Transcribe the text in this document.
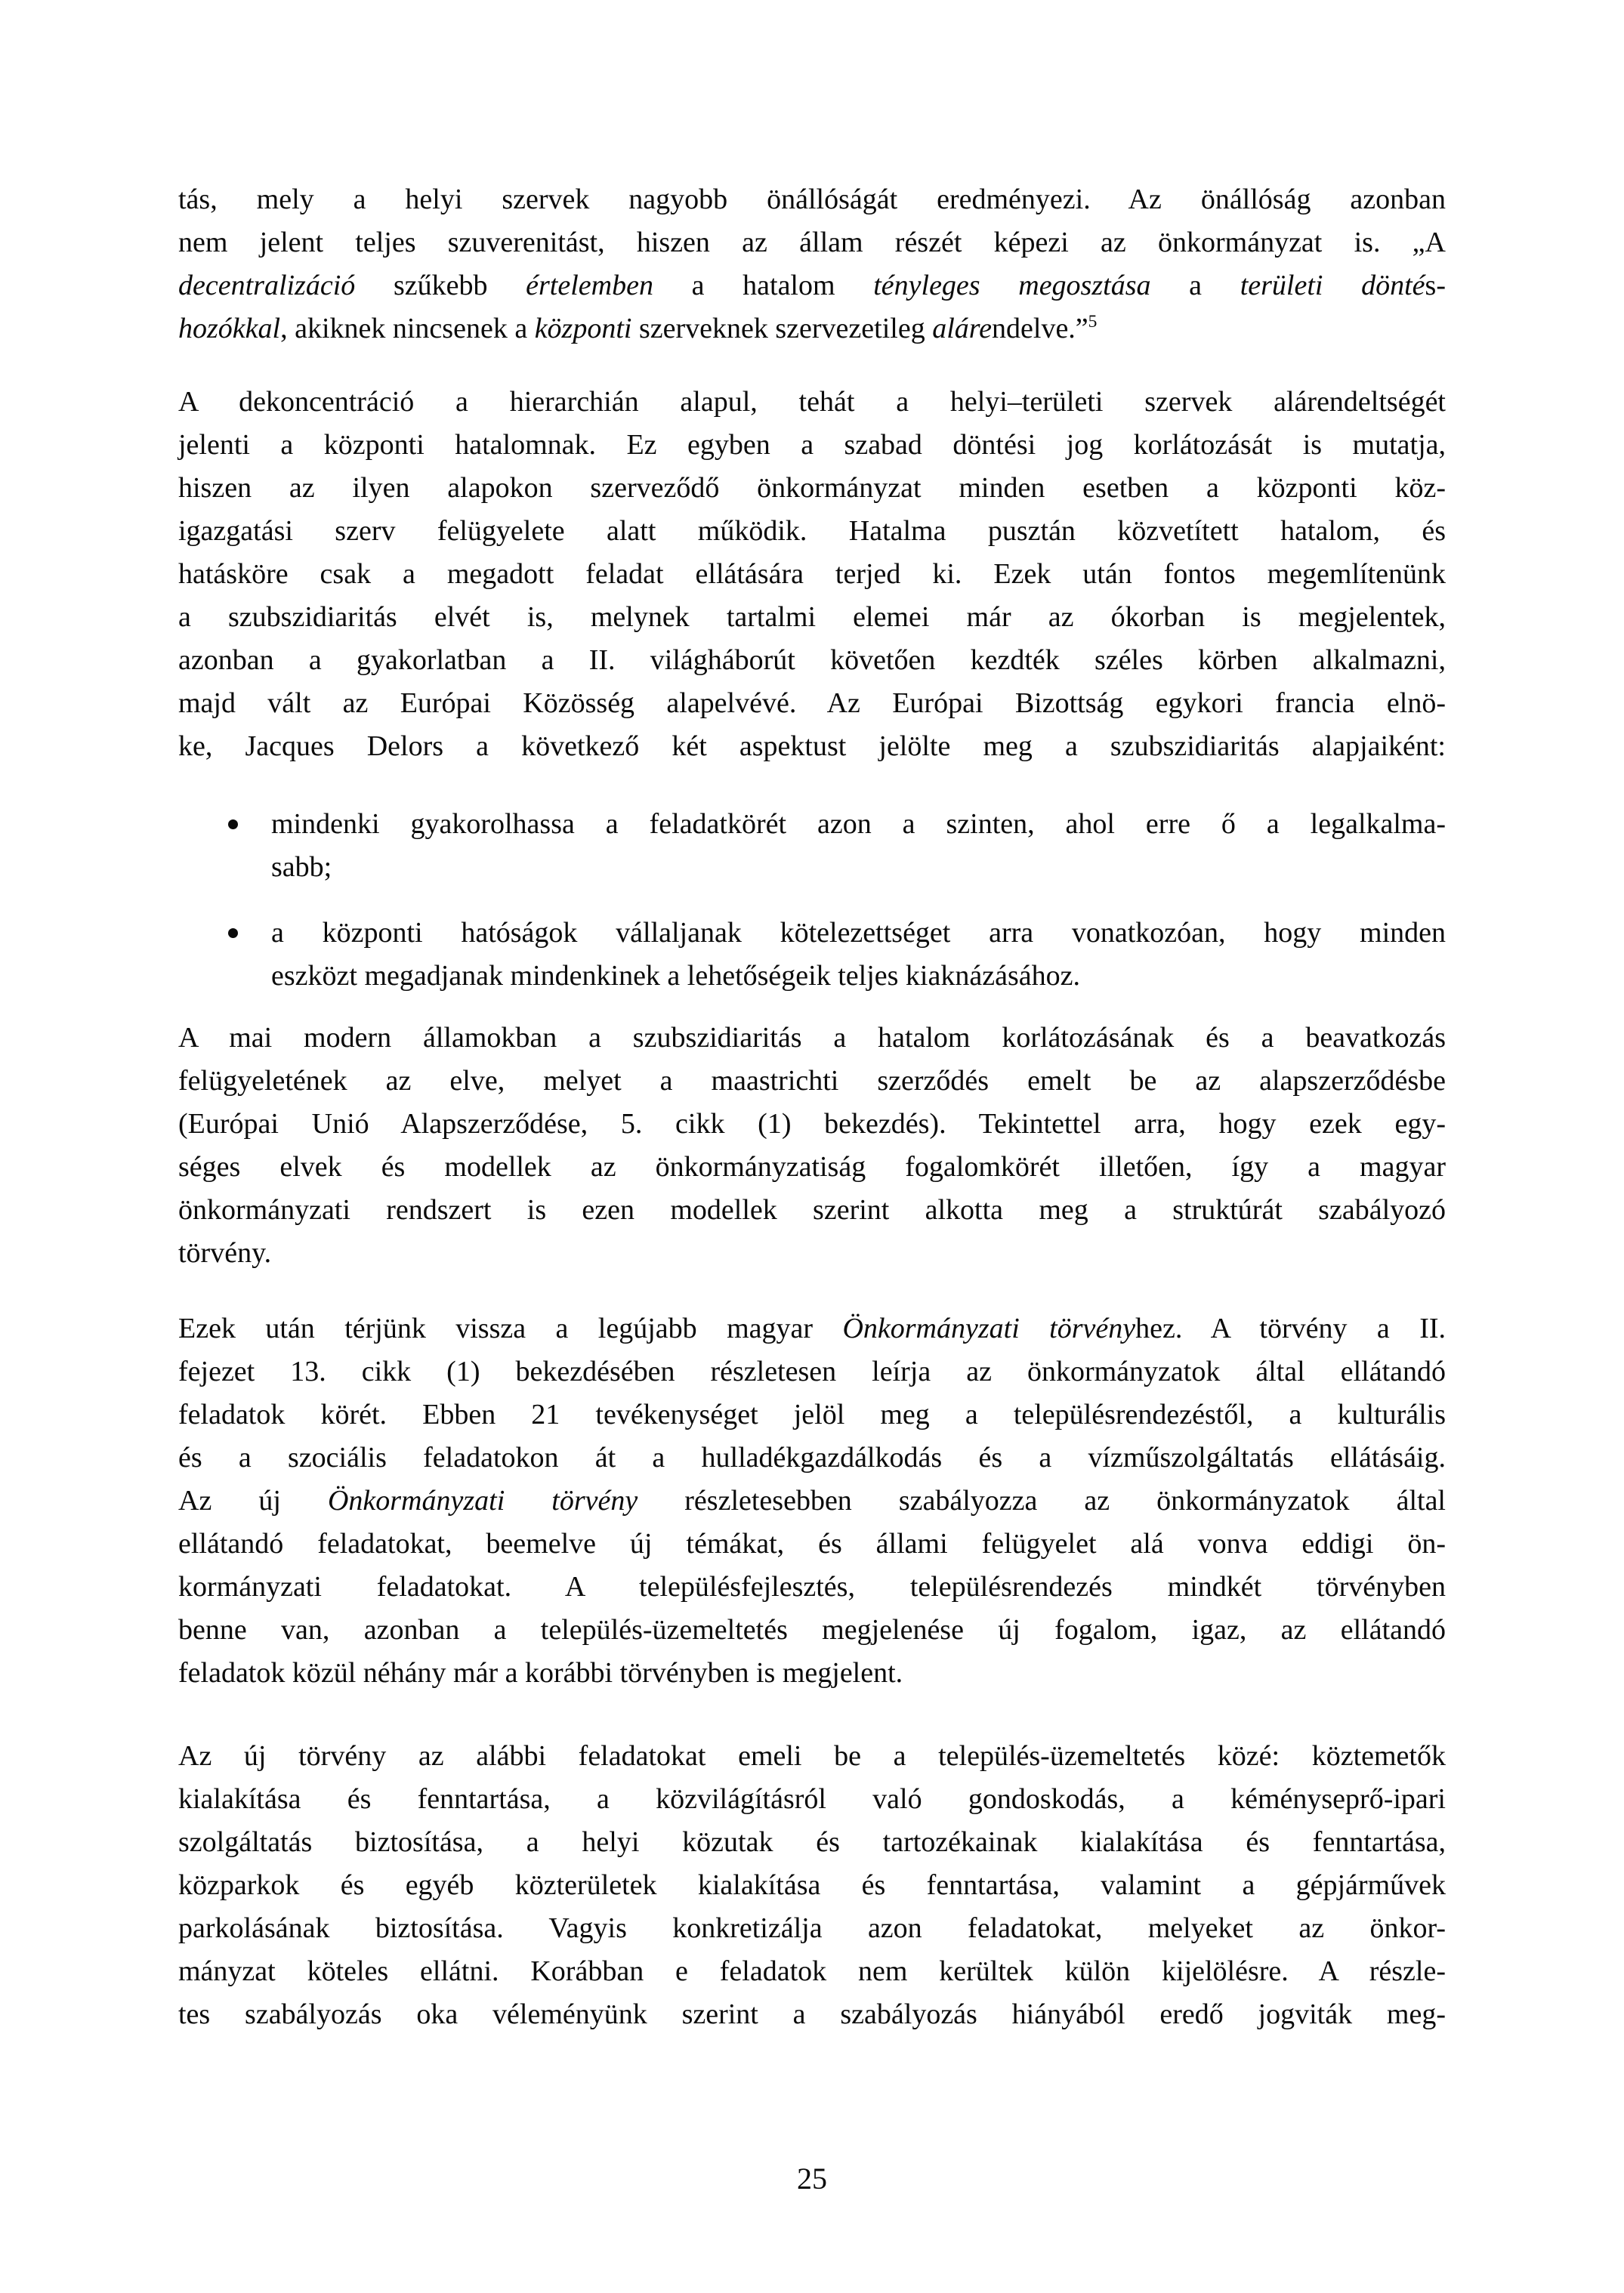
tás, mely a helyi szervek nagyobb önállóságát eredményezi. Az önállóság azonban
nem jelent teljes szuverenitást, hiszen az állam részét képezi az önkormányzat is. „A
decentralizáció szűkebb értelemben a hatalom tényleges megosztása a területi döntés-
hozókkal, akiknek nincsenek a központi szerveknek szervezetileg alárendelve.”$^5$
A dekoncentráció a hierarchián alapul, tehát a helyi–területi szervek alárendeltségét
jelenti a központi hatalomnak. Ez egyben a szabad döntési jog korlátozását is mutatja,
hiszen az ilyen alapokon szerveződő önkormányzat minden esetben a központi köz-
igazgatási szerv felügyelete alatt működik. Hatalma pusztán közvetített hatalom, és
hatásköre csak a megadott feladat ellátására terjed ki. Ezek után fontos megemlítenünk
a szubszidiaritás elvét is, melynek tartalmi elemei már az ókorban is megjelentek,
azonban a gyakorlatban a II. világháborút követően kezdték széles körben alkalmazni,
majd vált az Európai Közösség alapelvévé. Az Európai Bizottság egykori francia elnö-
ke, Jacques Delors a következő két aspektust jelölte meg a szubszidiaritás alapjaiként:
mindenki gyakorolhassa a feladatkörét azon a szinten, ahol erre ő a legalkalma-
sabb;
a központi hatóságok vállaljanak kötelezettséget arra vonatkozóan, hogy minden
eszközt megadjanak mindenkinek a lehetőségeik teljes kiaknázásához.
A mai modern államokban a szubszidiaritás a hatalom korlátozásának és a beavatkozás
felügyeletének az elve, melyet a maastrichti szerződés emelt be az alapszerződésbe
(Európai Unió Alapszerződése, 5. cikk (1) bekezdés). Tekintettel arra, hogy ezek egy-
séges elvek és modellek az önkormányzatiság fogalomkörét illetően, így a magyar
önkormányzati rendszert is ezen modellek szerint alkotta meg a struktúrát szabályozó
törvény.
Ezek után térjünk vissza a legújabb magyar Önkormányzati törvényhez. A törvény a II.
fejezet 13. cikk (1) bekezdésében részletesen leírja az önkormányzatok által ellátandó
feladatok körét. Ebben 21 tevékenységet jelöl meg a településrendezéstől, a kulturális
és a szociális feladatokon át a hulladékgazdálkodás és a vízműszolgáltatás ellátásáig.
Az új Önkormányzati törvény részletesebben szabályozza az önkormányzatok által
ellátandó feladatokat, beemelve új témákat, és állami felügyelet alá vonva eddigi ön-
kormányzati feladatokat. A településfejlesztés, településrendezés mindkét törvényben
benne van, azonban a település-üzemeltetés megjelenése új fogalom, igaz, az ellátandó
feladatok közül néhány már a korábbi törvényben is megjelent.
Az új törvény az alábbi feladatokat emeli be a település-üzemeltetés közé: köztemetők
kialakítása és fenntartása, a közvilágításról való gondoskodás, a kéményseprő-ipari
szolgáltatás biztosítása, a helyi közutak és tartozékainak kialakítása és fenntartása,
közparkok és egyéb közterületek kialakítása és fenntartása, valamint a gépjárművek
parkolásának biztosítása. Vagyis konkretizálja azon feladatokat, melyeket az önkor-
mányzat köteles ellátni. Korábban e feladatok nem kerültek külön kijelölésre. A részle-
tes szabályozás oka véleményünk szerint a szabályozás hiányából eredő jogviták meg-
25
